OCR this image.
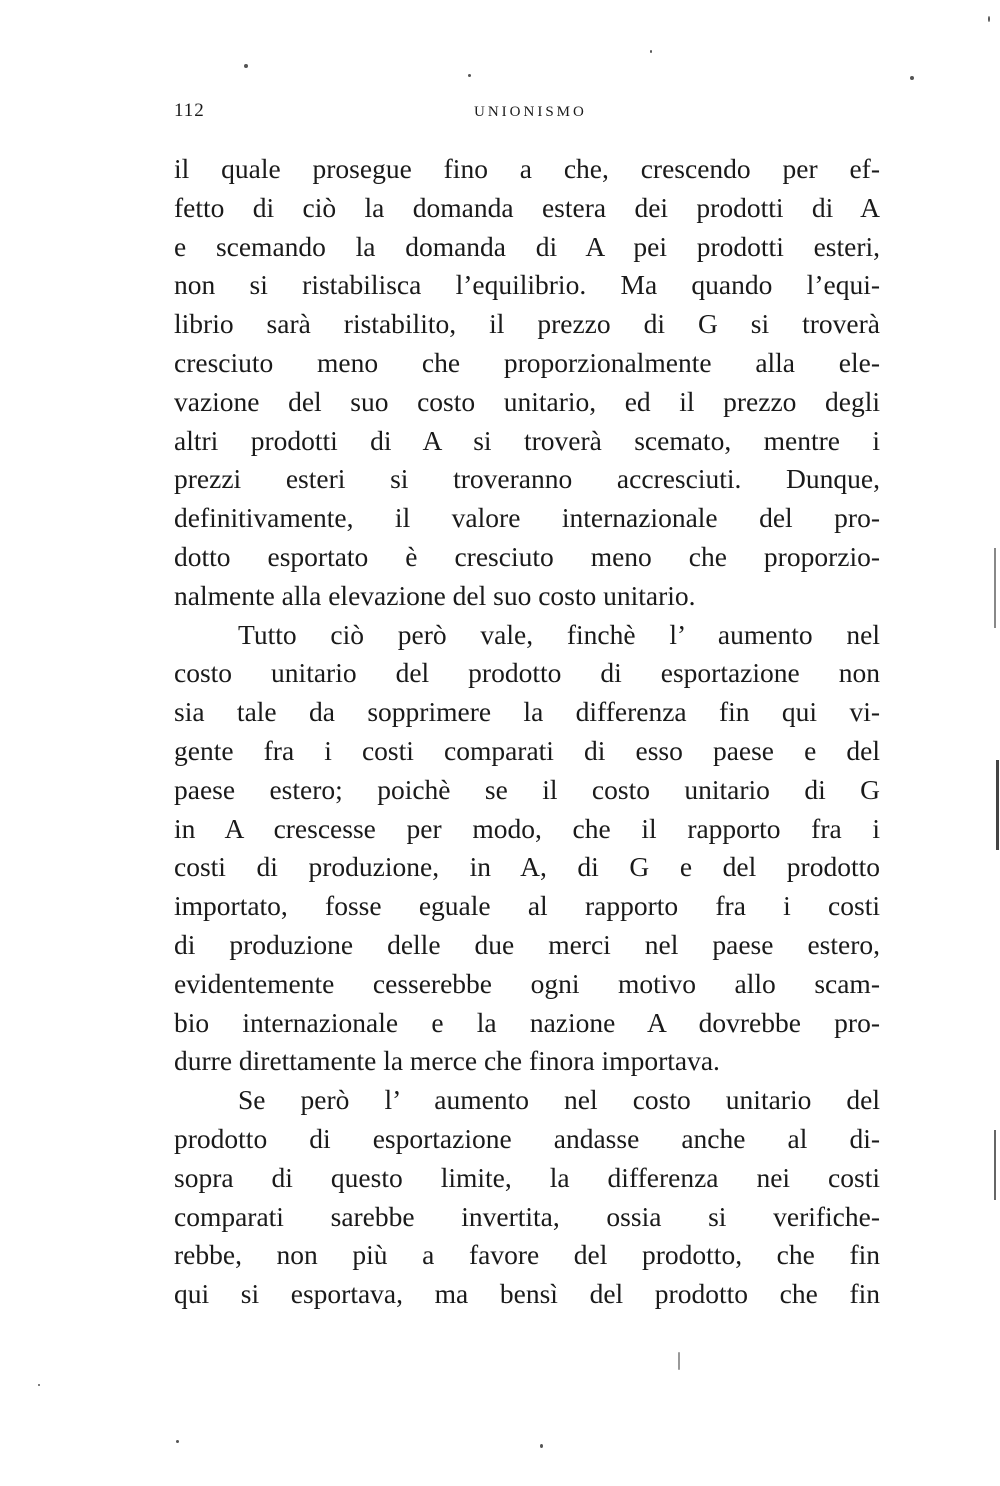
112	UNIONISMO
il quale prosegue fino a che, crescendo per ef-
fetto di ciò la domanda estera dei prodotti di A
e scemando la domanda di A pei prodotti esteri,
non si ristabilisca l’equilibrio. Ma quando l’equi-
librio sarà ristabilito, il prezzo di G si troverà
cresciuto meno che proporzionalmente alla ele-
vazione del suo costo unitario, ed il prezzo degli
altri prodotti di A si troverà scemato, mentre i
prezzi esteri si troveranno accresciuti. Dunque,
definitivamente, il valore internazionale del pro-
dotto esportato è cresciuto meno che proporzio-
nalmente alla elevazione del suo costo unitario.
Tutto ciò però vale, finchè l’ aumento nel
costo unitario del prodotto di esportazione non
sia tale da sopprimere la differenza fin qui vi-
gente fra i costi comparati di esso paese e del
paese estero; poichè se il costo unitario di G
in A crescesse per modo, che il rapporto fra i
costi di produzione, in A, di G e del prodotto
importato, fosse eguale al rapporto fra i costi
di produzione delle due merci nel paese estero,
evidentemente cesserebbe ogni motivo allo scam-
bio internazionale e la nazione A dovrebbe pro-
durre direttamente la merce che finora importava.
Se però l’ aumento nel costo unitario del
prodotto di esportazione andasse anche al di-
sopra di questo limite, la differenza nei costi
comparati sarebbe invertita, ossia si verifiche-
rebbe, non più a favore del prodotto, che fin
qui si esportava, ma bensì del prodotto che fin
